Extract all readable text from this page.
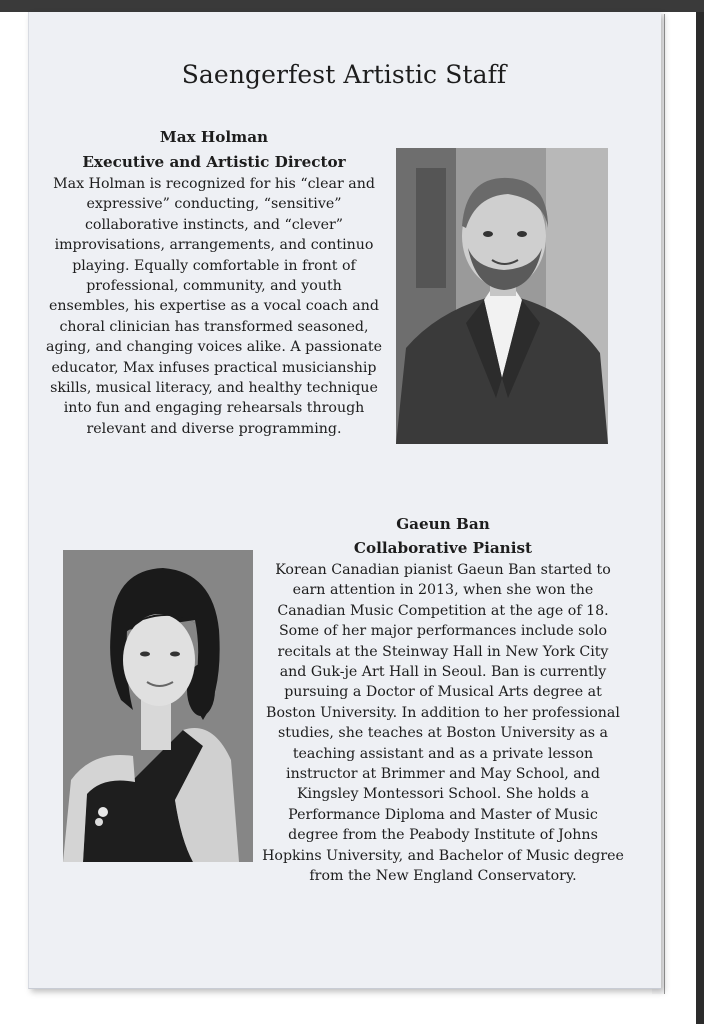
Saengerfest Artistic Staff
Max Holman
Executive and Artistic Director
Max Holman is recognized for his “clear and expressive” conducting, “sensitive” collaborative instincts, and “clever” improvisations, arrangements, and continuo playing. Equally comfortable in front of professional, community, and youth ensembles, his expertise as a vocal coach and choral clinician has transformed seasoned, aging, and changing voices alike. A passionate educator, Max infuses practical musicianship skills, musical literacy, and healthy technique into fun and engaging rehearsals through relevant and diverse programming.
Gaeun Ban
Collaborative Pianist
Korean Canadian pianist Gaeun Ban started to earn attention in 2013, when she won the Canadian Music Competition at the age of 18. Some of her major performances include solo recitals at the Steinway Hall in New York City and Guk-je Art Hall in Seoul. Ban is currently pursuing a Doctor of Musical Arts degree at Boston University. In addition to her professional studies, she teaches at Boston University as a teaching assistant and as a private lesson instructor at Brimmer and May School, and Kingsley Montessori School. She holds a Performance Diploma and Master of Music degree from the Peabody Institute of Johns Hopkins University, and Bachelor of Music degree from the New England Conservatory.
